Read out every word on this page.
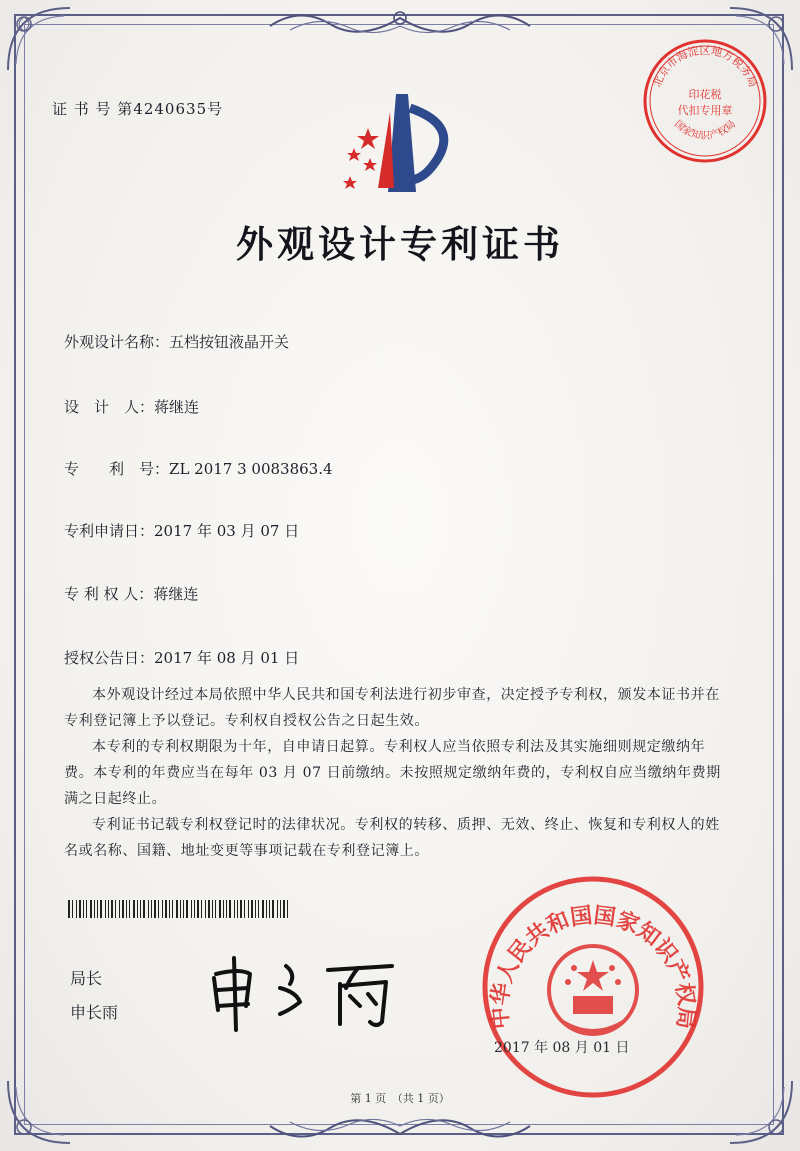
北京市海淀区地方税务局
印花税
代扣专用章
国家知识产权局
证 书 号 第4240635号
外观设计专利证书
外观设计名称：五档按钮液晶开关
设　计　人：蒋继连
专　　利　号：ZL 2017 3 0083863.4
专利申请日：2017 年 03 月 07 日
专 利 权 人：蒋继连
授权公告日：2017 年 08 月 01 日

本外观设计经过本局依照中华人民共和国专利法进行初步审查，决定授予专利权，颁发本证书并在专利登记簿上予以登记。专利权自授权公告之日起生效。

本专利的专利权期限为十年，自申请日起算。专利权人应当依照专利法及其实施细则规定缴纳年费。本专利的年费应当在每年 03 月 07 日前缴纳。未按照规定缴纳年费的，专利权自应当缴纳年费期满之日起终止。

专利证书记载专利权登记时的法律状况。专利权的转移、质押、无效、终止、恢复和专利权人的姓名或名称、国籍、地址变更等事项记载在专利登记簿上。

局长
申长雨	中华人民共和国国家知识产权局
2017 年 08 月 01 日
第 1 页　（共 1 页）
